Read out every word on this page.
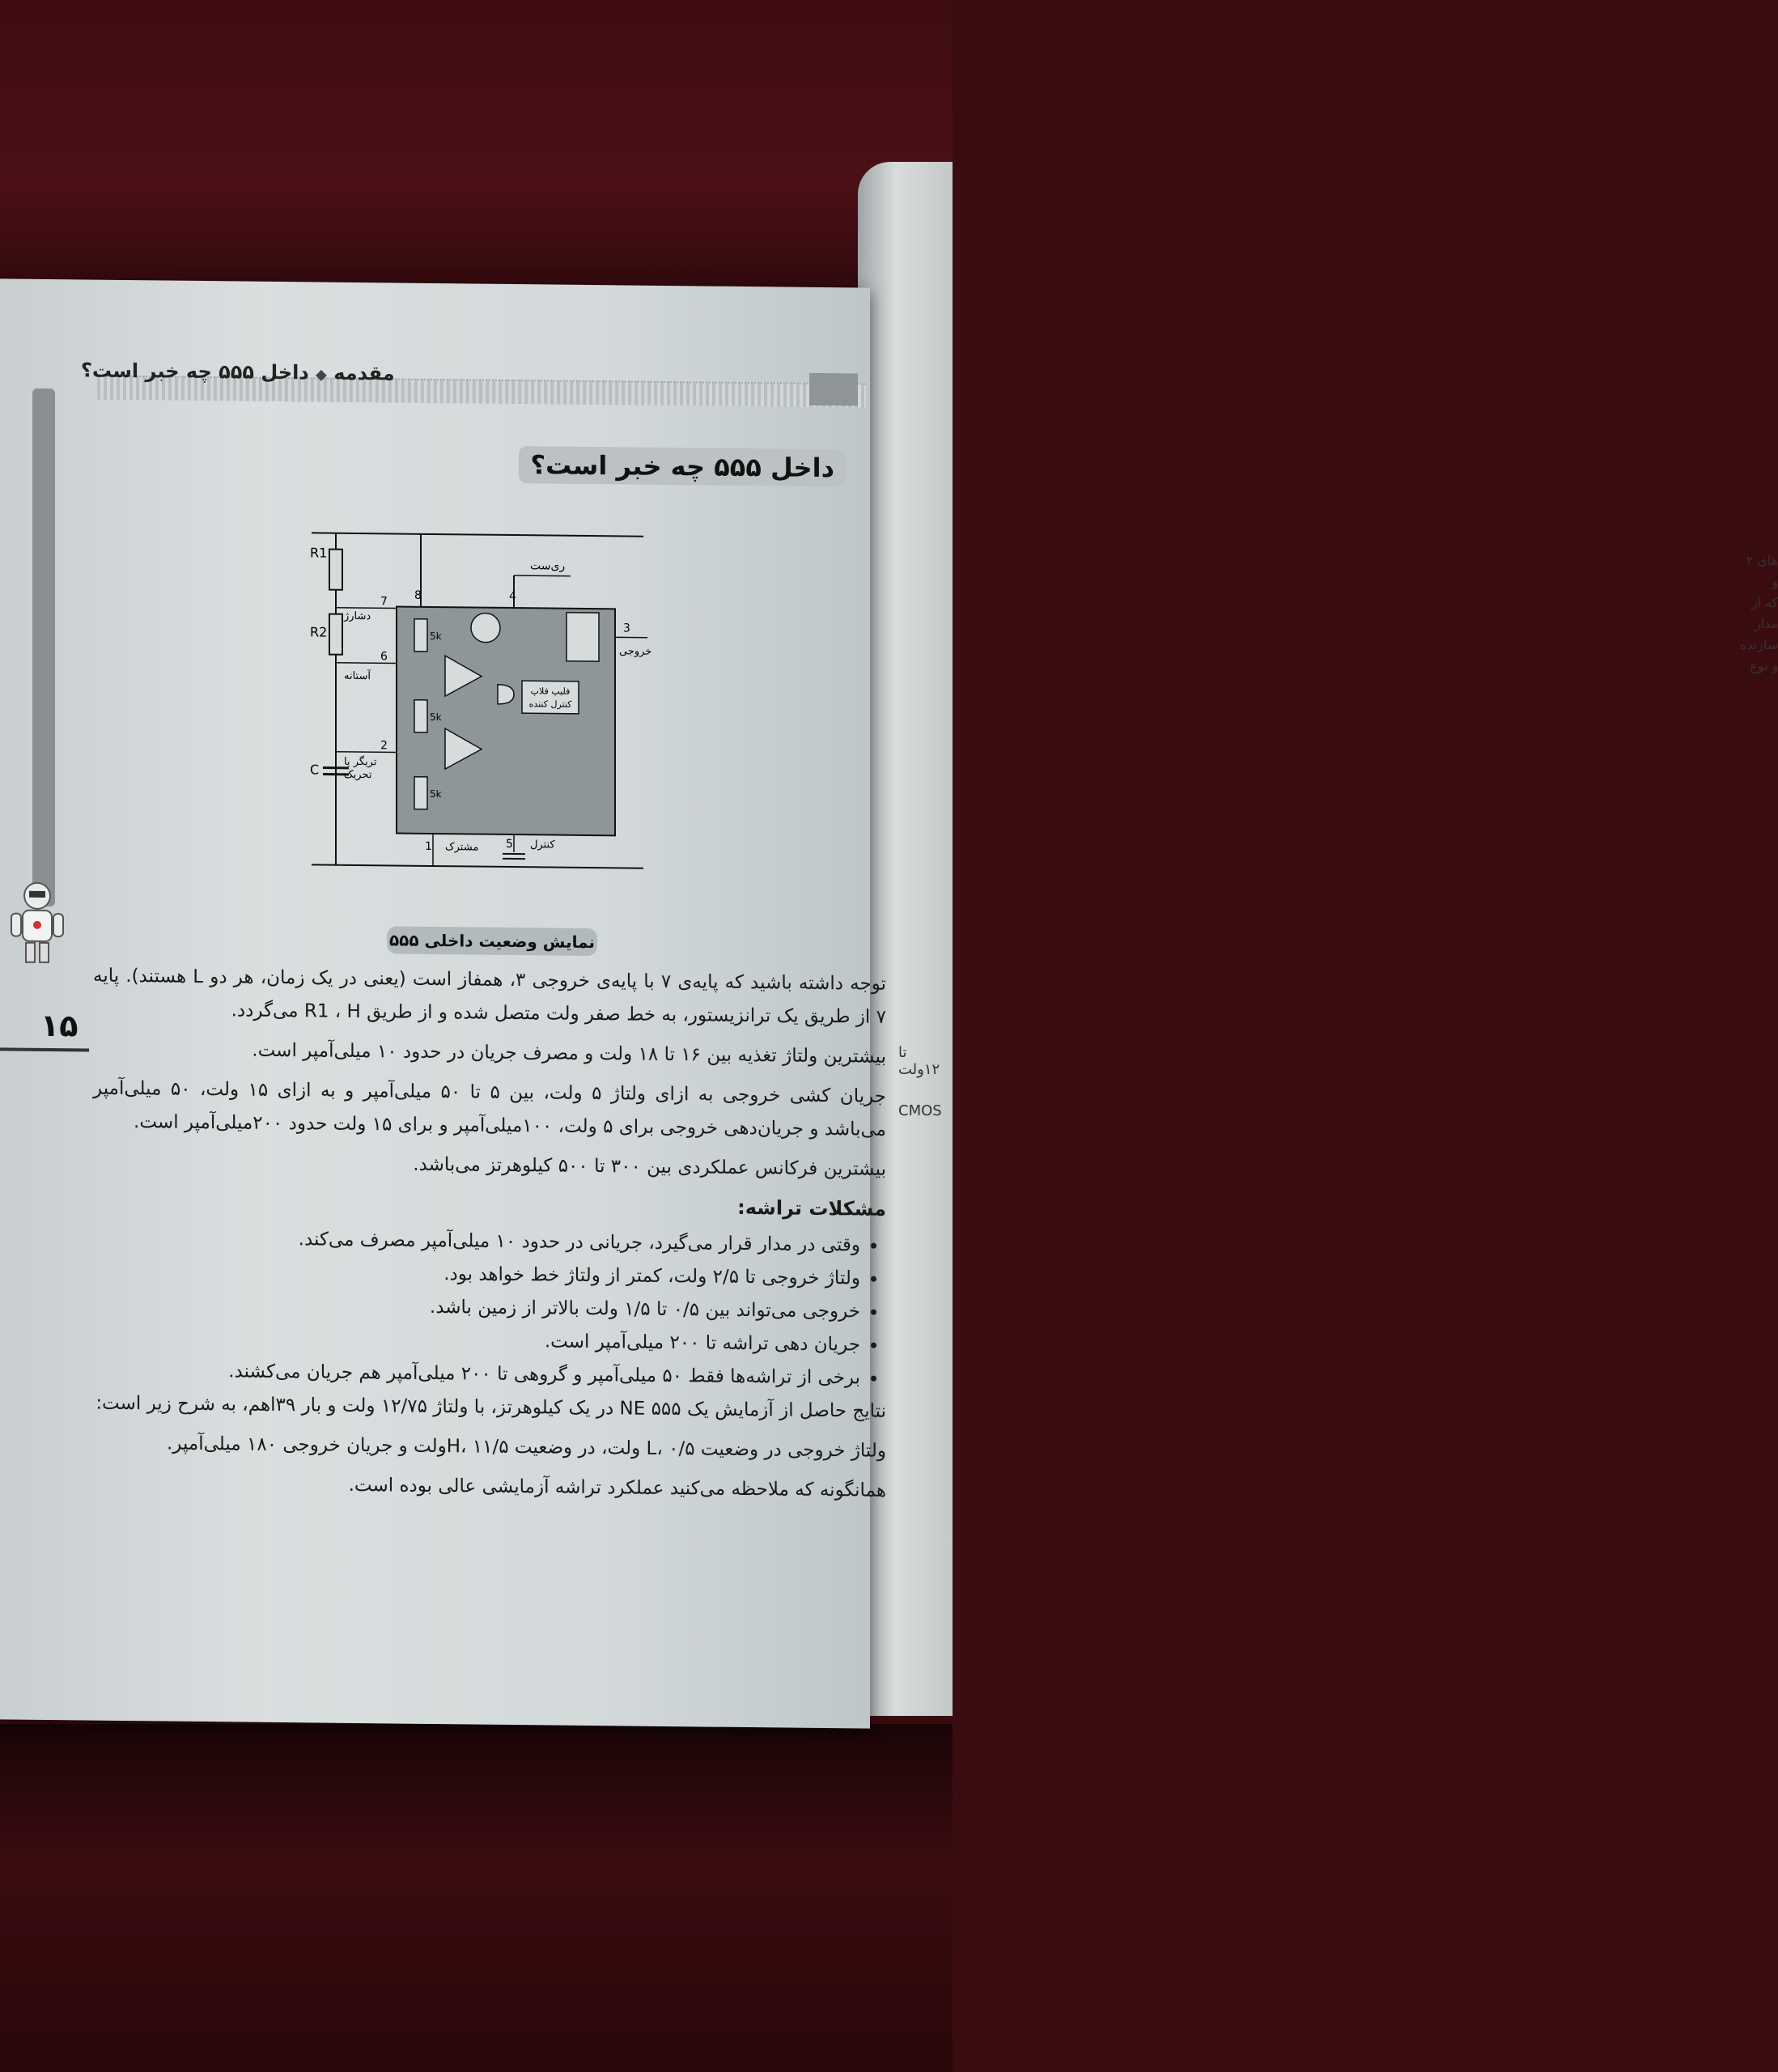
های ۲ و
که از مدار
سازنده و نوع
تا ۱۲ولت
CMOS
مقدمه ◆ داخل ۵۵۵ چه خبر است؟
۱۵
داخل ۵۵۵ چه خبر است؟
R1
R2
C
ری‌ست
8	4
7
دشارژ
6
آستانه
2
تریگر یا
تحریک
5k
5k
5k
فلیپ فلاپ
کنترل کننده
3
خروجی
1 مشترک 5 کنترل
نمایش وضعیت داخلی ۵۵۵

توجه داشته باشید که پایه‌ی ۷ با پایه‌ی خروجی ۳، همفاز است (یعنی در یک زمان، هر دو L هستند). پایه ۷ از طریق یک ترانزیستور، به خط صفر ولت متصل شده و از طریق R1 ، H می‌گردد.

بیشترین ولتاژ تغذیه بین ۱۶ تا ۱۸ ولت و مصرف جریان در حدود ۱۰ میلی‌آمپر است.

جریان کشی خروجی به ازای ولتاژ ۵ ولت، بین ۵ تا ۵۰ میلی‌آمپر و به ازای ۱۵ ولت، ۵۰ میلی‌آمپر می‌باشد و جریان‌دهی خروجی برای ۵ ولت، ۱۰۰میلی‌آمپر و برای ۱۵ ولت حدود ۲۰۰میلی‌آمپر است.

بیشترین فرکانس عملکردی بین ۳۰۰ تا ۵۰۰ کیلوهرتز می‌باشد.

مشکلات تراشه:
• وقتی در مدار قرار می‌گیرد، جریانی در حدود ۱۰ میلی‌آمپر مصرف می‌کند.
• ولتاژ خروجی تا ۲/۵ ولت، کمتر از ولتاژ خط خواهد بود.
• خروجی می‌تواند بین ۰/۵ تا ۱/۵ ولت بالاتر از زمین باشد.
• جریان دهی تراشه تا ۲۰۰ میلی‌آمپر است.
• برخی از تراشه‌ها فقط ۵۰ میلی‌آمپر و گروهی تا ۲۰۰ میلی‌آمپر هم جریان می‌کشند.

نتایج حاصل از آزمایش یک NE ۵۵۵ در یک کیلوهرتز، با ولتاژ ۱۲/۷۵ ولت و بار ۳۹اهم، به شرح زیر است:

ولتاژ خروجی در وضعیت L، ۰/۵ ولت، در وضعیت H، ۱۱/۵ولت و جریان خروجی ۱۸۰ میلی‌آمپر.

همانگونه که ملاحظه می‌کنید عملکرد تراشه آزمایشی عالی بوده است.
